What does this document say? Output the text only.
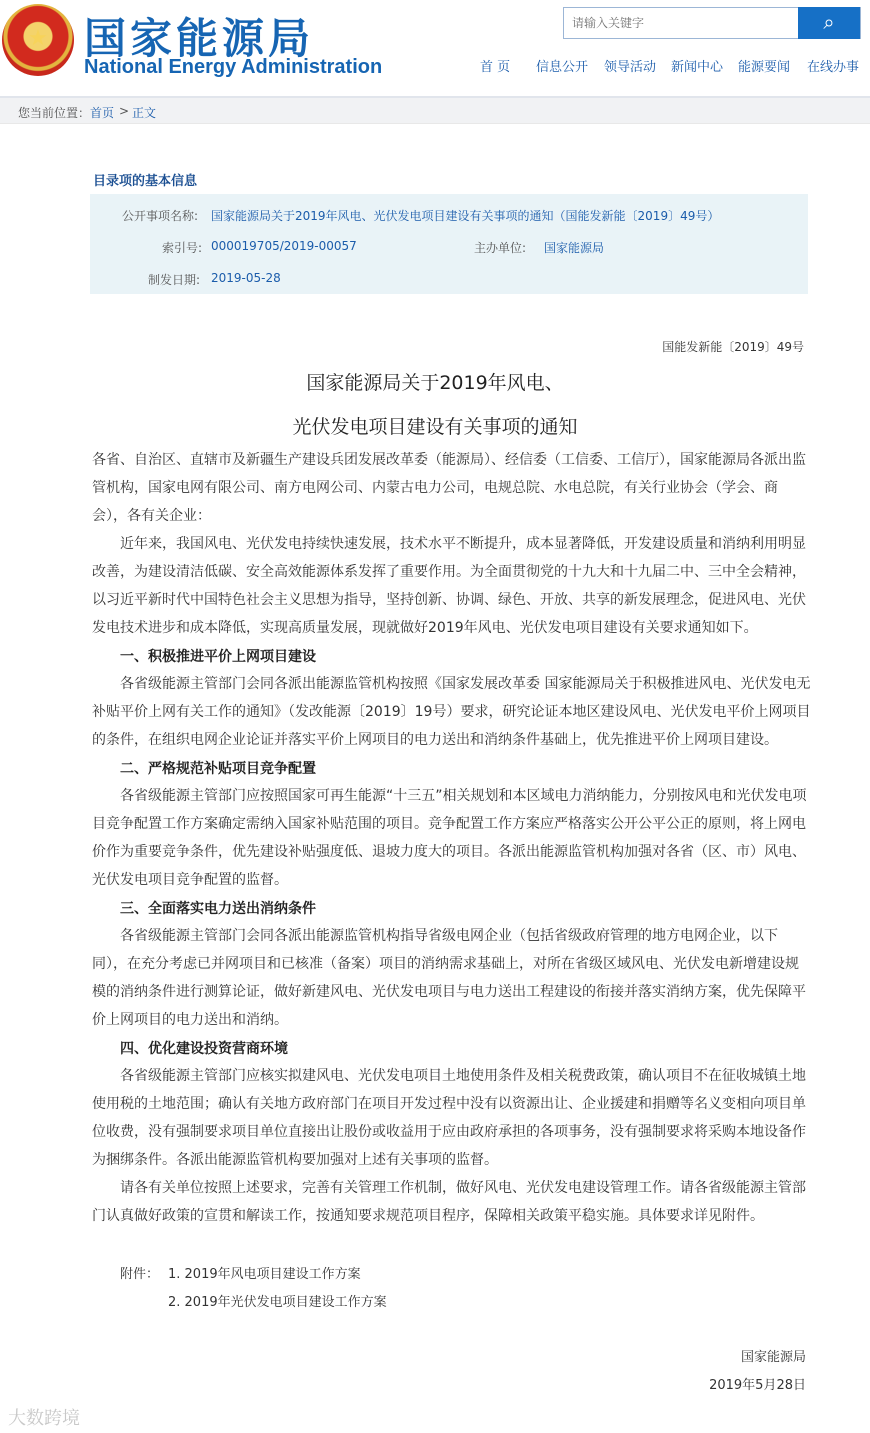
★ 国家能源局
National Energy Administration
请输入关键字
⌕
首 页 信息公开 领导活动 新闻中心 能源要闻 在线办事
您当前位置： 首页 > 正文
目录项的基本信息
公开事项名称: 国家能源局关于2019年风电、光伏发电项目建设有关事项的通知（国能发新能〔2019〕49号）
索引号: 000019705/2019-00057	主办单位: 国家能源局
制发日期: 2019-05-28
国能发新能〔2019〕49号
国家能源局关于2019年风电、
光伏发电项目建设有关事项的通知
各省、自治区、直辖市及新疆生产建设兵团发展改革委（能源局）、经信委（工信委、工信厅），国家能源局各派出监管机构，国家电网有限公司、南方电网公司、内蒙古电力公司，电规总院、水电总院，有关行业协会（学会、商会），各有关企业：
近年来，我国风电、光伏发电持续快速发展，技术水平不断提升，成本显著降低，开发建设质量和消纳利用明显改善，为建设清洁低碳、安全高效能源体系发挥了重要作用。为全面贯彻党的十九大和十九届二中、三中全会精神，以习近平新时代中国特色社会主义思想为指导，坚持创新、协调、绿色、开放、共享的新发展理念，促进风电、光伏发电技术进步和成本降低，实现高质量发展，现就做好2019年风电、光伏发电项目建设有关要求通知如下。
一、积极推进平价上网项目建设
各省级能源主管部门会同各派出能源监管机构按照《国家发展改革委 国家能源局关于积极推进风电、光伏发电无补贴平价上网有关工作的通知》（发改能源〔2019〕19号）要求，研究论证本地区建设风电、光伏发电平价上网项目的条件，在组织电网企业论证并落实平价上网项目的电力送出和消纳条件基础上，优先推进平价上网项目建设。
二、严格规范补贴项目竞争配置
各省级能源主管部门应按照国家可再生能源“十三五”相关规划和本区域电力消纳能力，分别按风电和光伏发电项目竞争配置工作方案确定需纳入国家补贴范围的项目。竞争配置工作方案应严格落实公开公平公正的原则，将上网电价作为重要竞争条件，优先建设补贴强度低、退坡力度大的项目。各派出能源监管机构加强对各省（区、市）风电、光伏发电项目竞争配置的监督。
三、全面落实电力送出消纳条件
各省级能源主管部门会同各派出能源监管机构指导省级电网企业（包括省级政府管理的地方电网企业，以下同），在充分考虑已并网项目和已核准（备案）项目的消纳需求基础上，对所在省级区域风电、光伏发电新增建设规模的消纳条件进行测算论证，做好新建风电、光伏发电项目与电力送出工程建设的衔接并落实消纳方案，优先保障平价上网项目的电力送出和消纳。
四、优化建设投资营商环境
各省级能源主管部门应核实拟建风电、光伏发电项目土地使用条件及相关税费政策，确认项目不在征收城镇土地使用税的土地范围；确认有关地方政府部门在项目开发过程中没有以资源出让、企业援建和捐赠等名义变相向项目单位收费，没有强制要求项目单位直接出让股份或收益用于应由政府承担的各项事务，没有强制要求将采购本地设备作为捆绑条件。各派出能源监管机构要加强对上述有关事项的监督。
请各有关单位按照上述要求，完善有关管理工作机制，做好风电、光伏发电建设管理工作。请各省级能源主管部门认真做好政策的宣贯和解读工作，按通知要求规范项目程序，保障相关政策平稳实施。具体要求详见附件。
附件： 1. 2019年风电项目建设工作方案
2. 2019年光伏发电项目建设工作方案
国家能源局
2019年5月28日
大数跨境
